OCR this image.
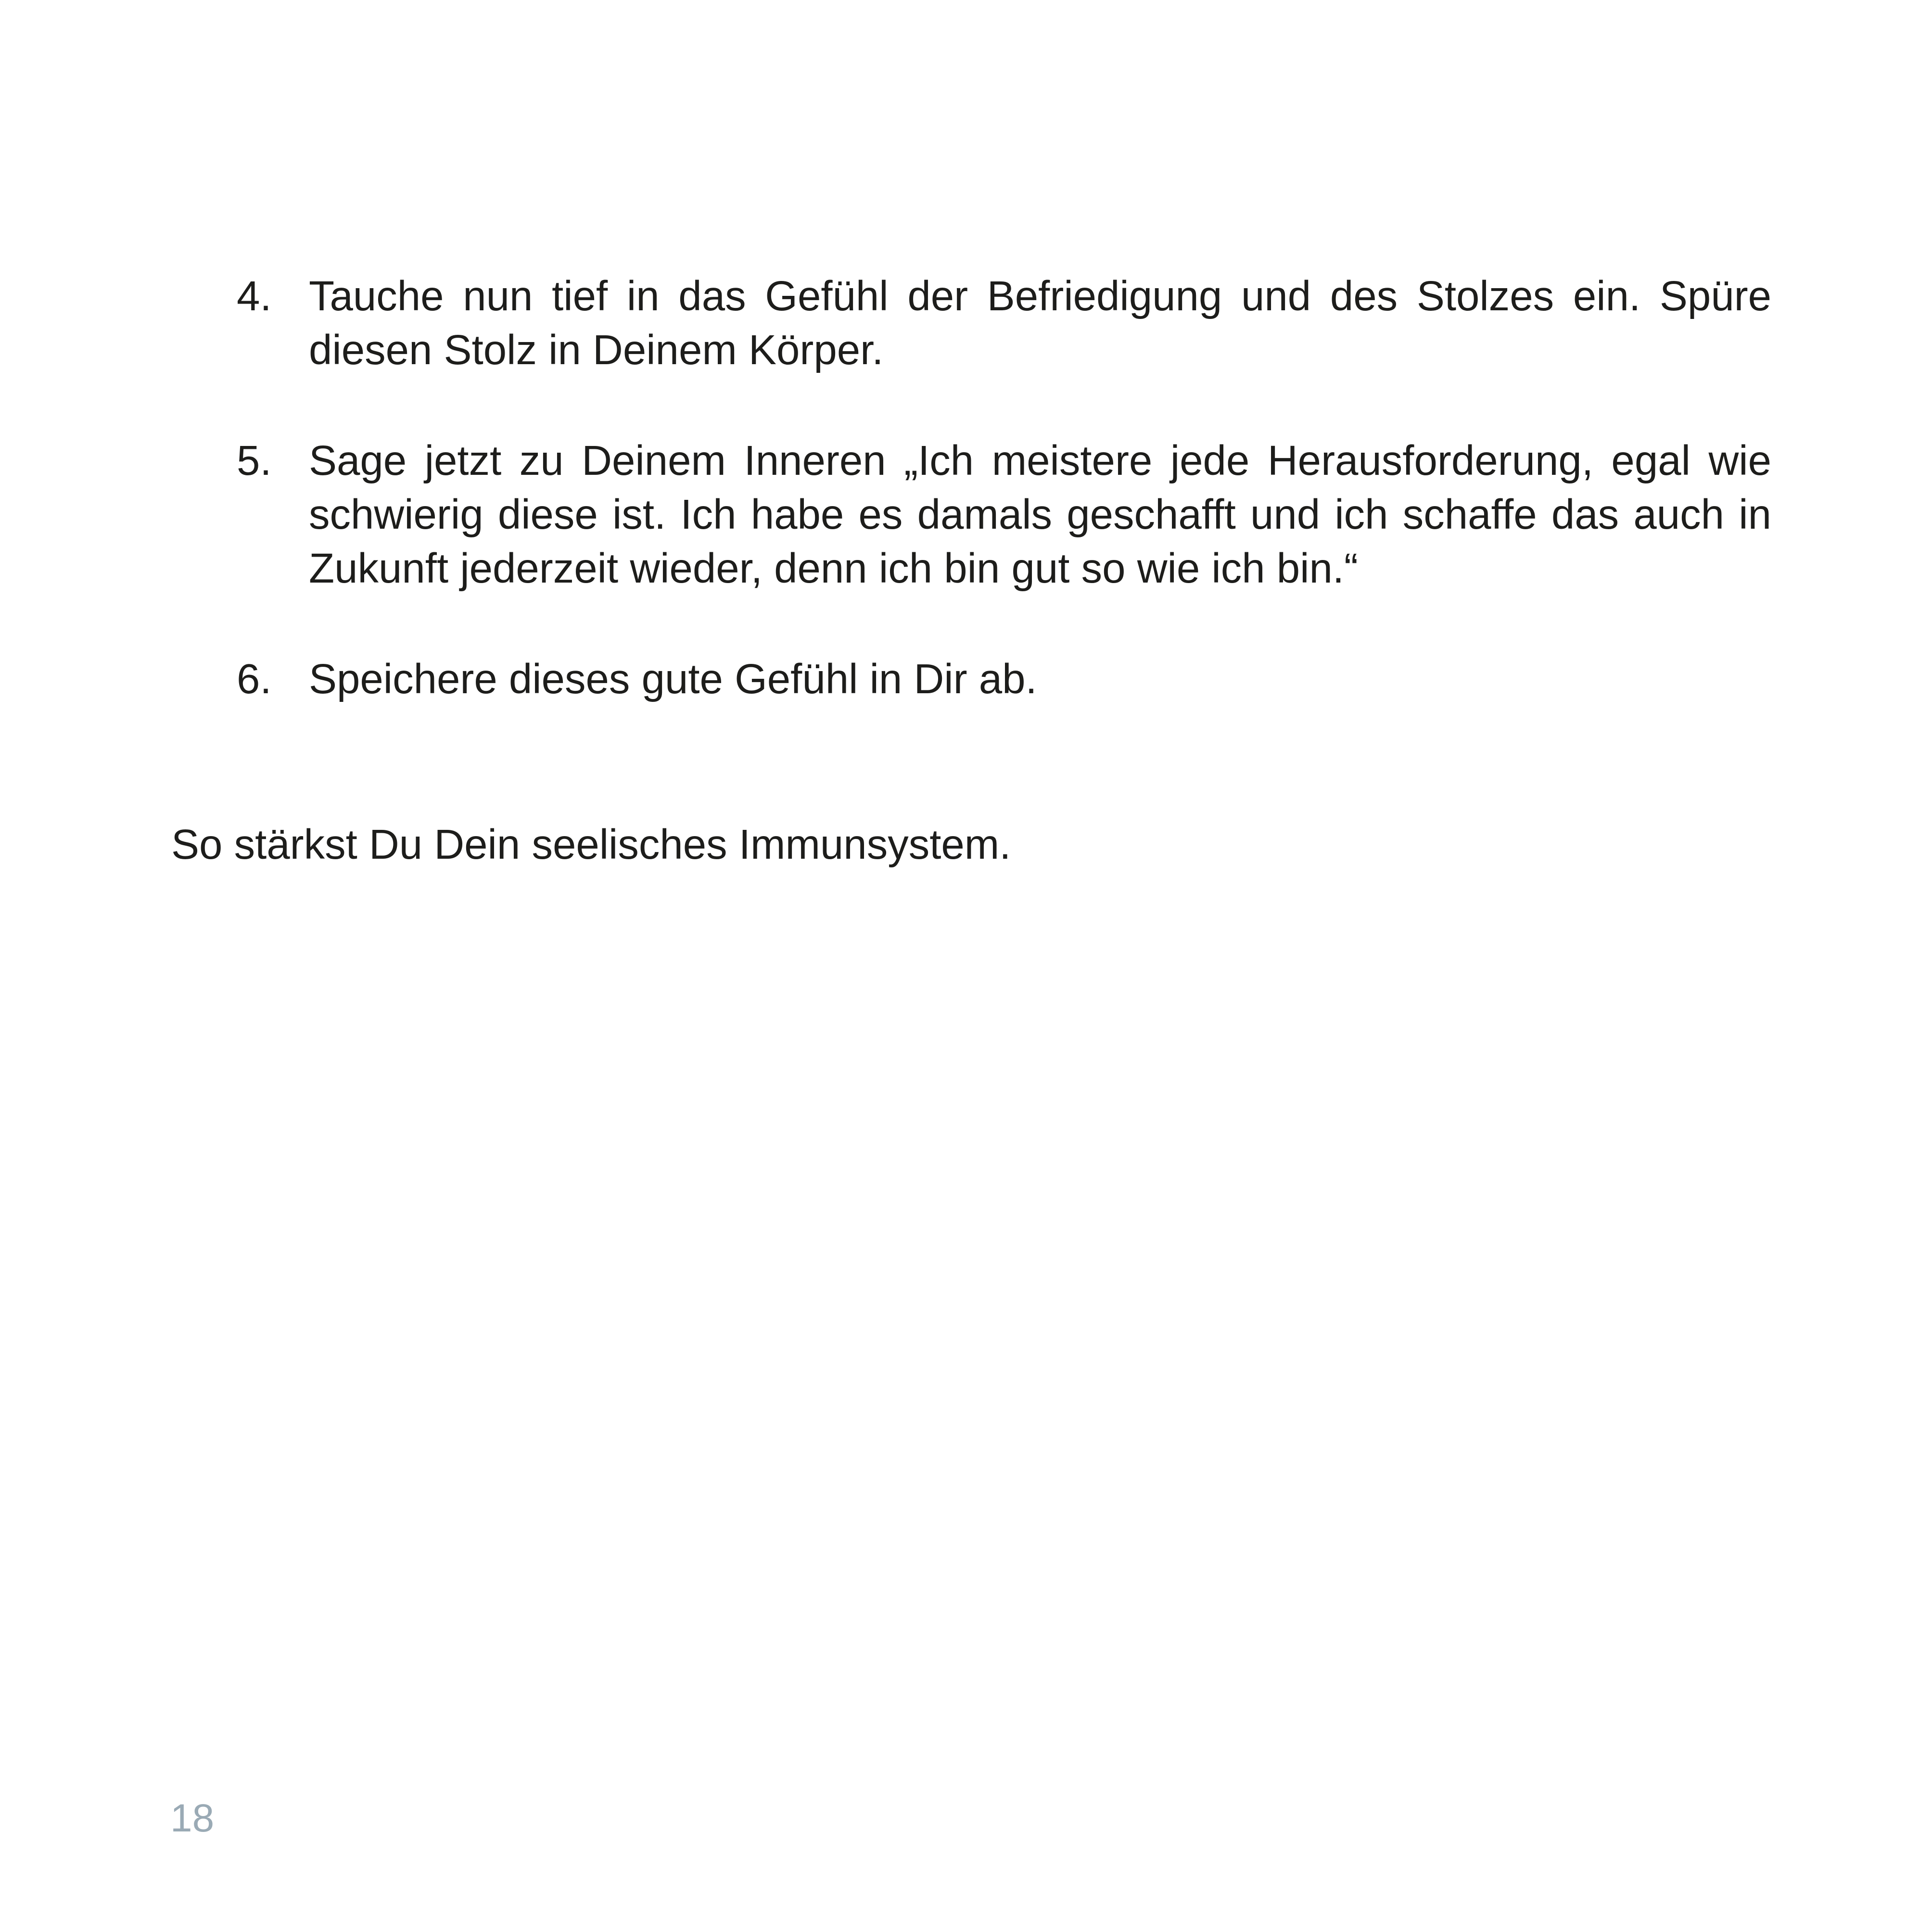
4. Tauche nun tief in das Gefühl der Befriedigung und des Stolzes ein. Spüre diesen Stolz in Deinem Körper.
5. Sage jetzt zu Deinem Inneren „Ich meistere jede Herausforderung, egal wie schwierig diese ist. Ich habe es damals geschafft und ich schaffe das auch in Zukunft jederzeit wieder, denn ich bin gut so wie ich bin.“
6. Speichere dieses gute Gefühl in Dir ab.

So stärkst Du Dein seelisches Immunsystem.

18
